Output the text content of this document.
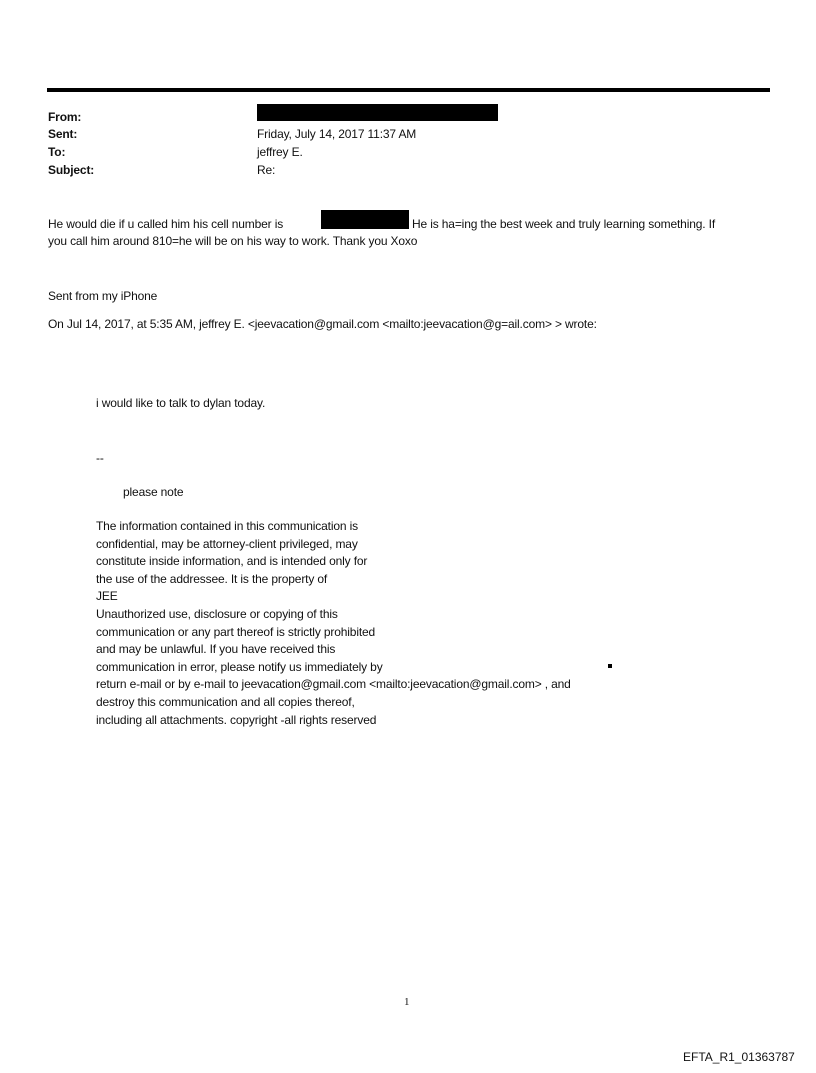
From:
Sent:	Friday, July 14, 2017 11:37 AM
To:	jeffrey E.
Subject:	Re:
He would die if u called him his cell number is	He is ha=ing the best week and truly learning something. If
you call him around 810=he will be on his way to work. Thank you Xoxo
Sent from my iPhone
On Jul 14, 2017, at 5:35 AM, jeffrey E. <jeevacation@gmail.com <mailto:jeevacation@g=ail.com> > wrote:
i would like to talk to dylan today.
--
please note
The information contained in this communication is
confidential, may be attorney-client privileged, may
constitute inside information, and is intended only for
the use of the addressee. It is the property of
JEE
Unauthorized use, disclosure or copying of this
communication or any part thereof is strictly prohibited
and may be unlawful. If you have received this
communication in error, please notify us immediately by
return e-mail or by e-mail to jeevacation@gmail.com <mailto:jeevacation@gmail.com> , and
destroy this communication and all copies thereof,
including all attachments. copyright -all rights reserved
1
EFTA_R1_01363787
